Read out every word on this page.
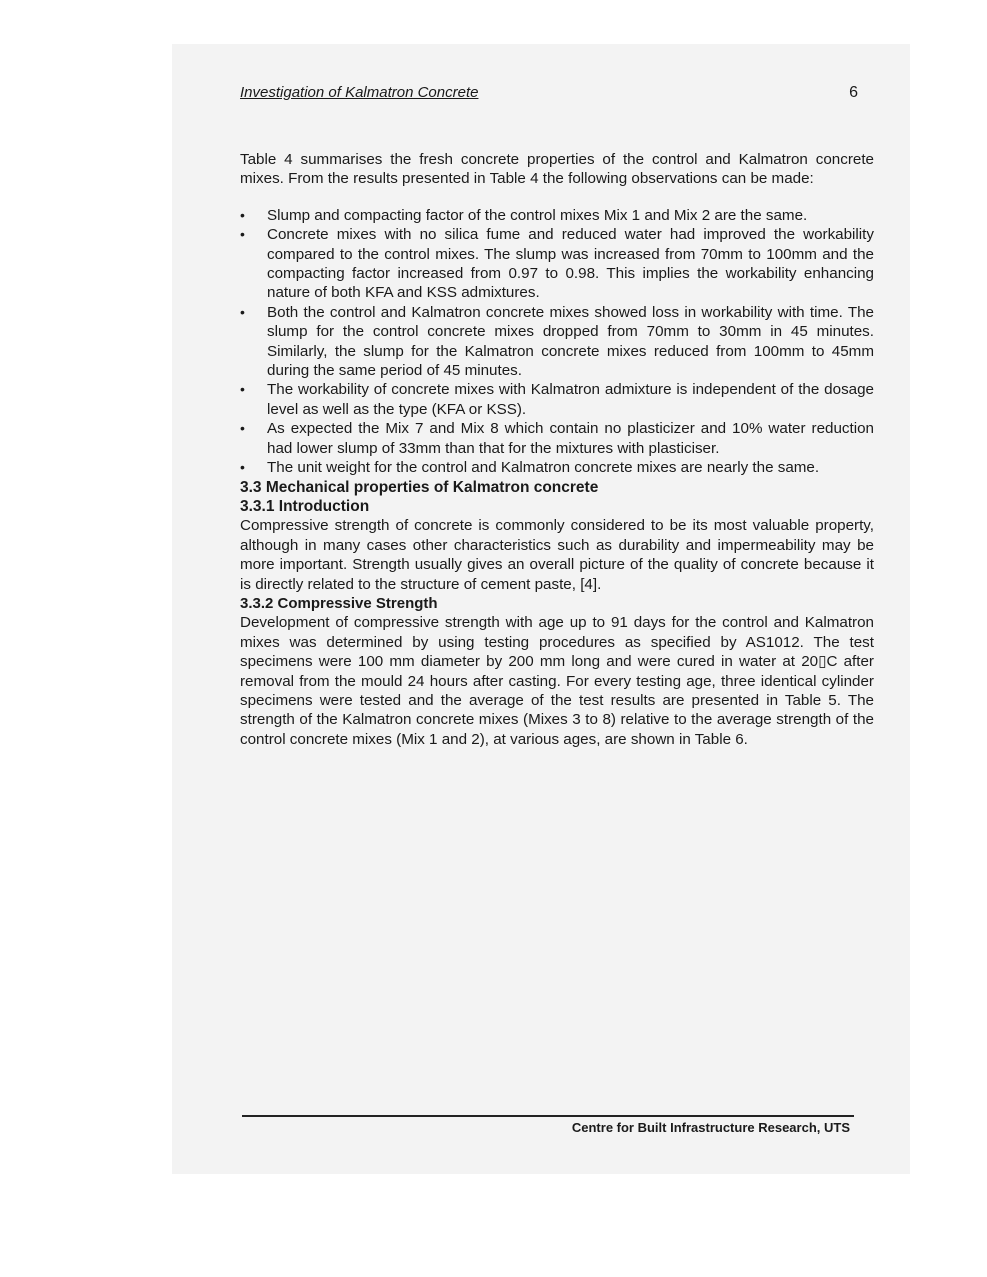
Investigation of Kalmatron Concrete	6

Table 4 summarises the fresh concrete properties of the control and Kalmatron concrete mixes. From the results presented in Table 4 the following observations can be made:

• Slump and compacting factor of the control mixes Mix 1 and Mix 2 are the same.
• Concrete mixes with no silica fume and reduced water had improved the workability compared to the control mixes. The slump was increased from 70mm to 100mm and the compacting factor increased from 0.97 to 0.98. This implies the workability enhancing nature of both KFA and KSS admixtures.
• Both the control and Kalmatron concrete mixes showed loss in workability with time. The slump for the control concrete mixes dropped from 70mm to 30mm in 45 minutes. Similarly, the slump for the Kalmatron concrete mixes reduced from 100mm to 45mm during the same period of 45 minutes.
• The workability of concrete mixes with Kalmatron admixture is independent of the dosage level as well as the type (KFA or KSS).
• As expected the Mix 7 and Mix 8 which contain no plasticizer and 10% water reduction had lower slump of 33mm than that for the mixtures with plasticiser.
• The unit weight for the control and Kalmatron concrete mixes are nearly the same.

3.3 Mechanical properties of Kalmatron concrete

3.3.1 Introduction

Compressive strength of concrete is commonly considered to be its most valuable property, although in many cases other characteristics such as durability and impermeability may be more important. Strength usually gives an overall picture of the quality of concrete because it is directly related to the structure of cement paste, [4].

3.3.2 Compressive Strength

Development of compressive strength with age up to 91 days for the control and Kalmatron mixes was determined by using testing procedures as specified by AS1012. The test specimens were 100 mm diameter by 200 mm long and were cured in water at 20▯C after removal from the mould 24 hours after casting. For every testing age, three identical cylinder specimens were tested and the average of the test results are presented in Table 5. The strength of the Kalmatron concrete mixes (Mixes 3 to 8) relative to the average strength of the control concrete mixes (Mix 1 and 2), at various ages, are shown in Table 6.

Centre for Built Infrastructure Research, UTS
